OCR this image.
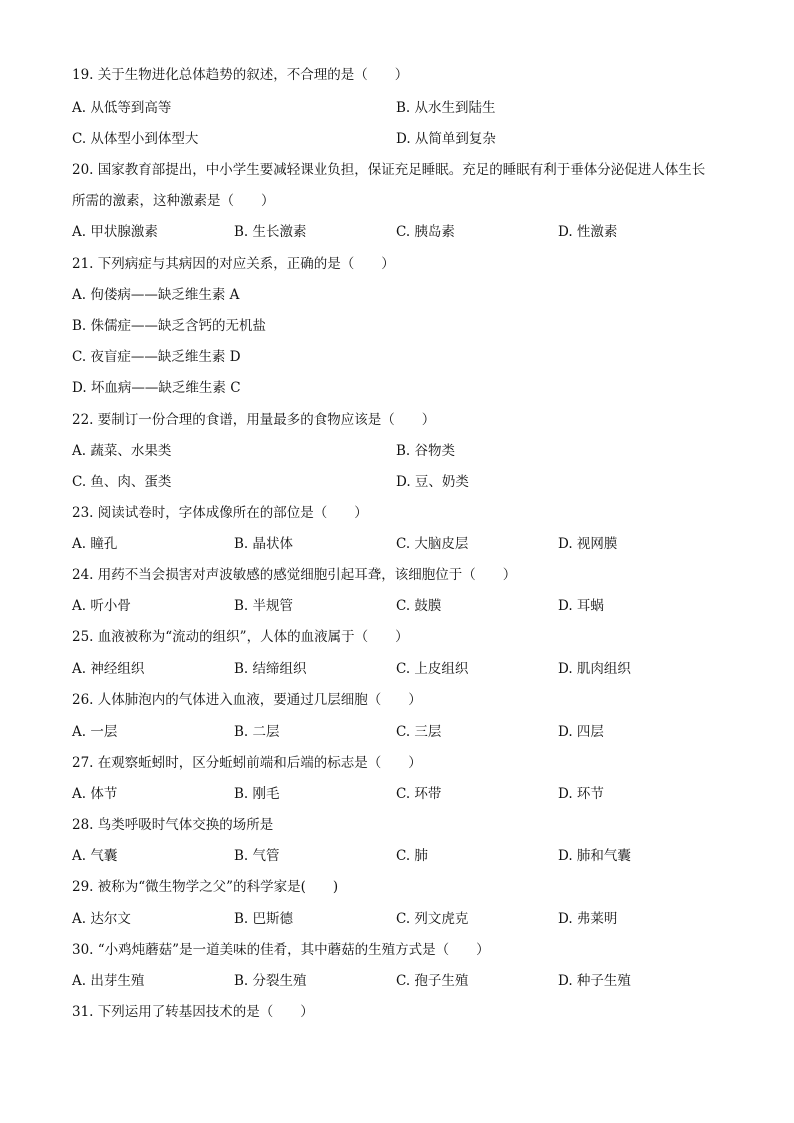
19. 关于生物进化总体趋势的叙述，不合理的是（　　）
A. 从低等到高等	B. 从水生到陆生
C. 从体型小到体型大	D. 从简单到复杂
20. 国家教育部提出，中小学生要减轻课业负担，保证充足睡眠。充足的睡眠有利于垂体分泌促进人体生长
所需的激素，这种激素是（　　）
A. 甲状腺激素	B. 生长激素	C. 胰岛素	D. 性激素
21. 下列病症与其病因的对应关系，正确的是（　　）
A. 佝偻病——缺乏维生素 A
B. 侏儒症——缺乏含钙的无机盐
C. 夜盲症——缺乏维生素 D
D. 坏血病——缺乏维生素 C
22. 要制订一份合理的食谱，用量最多的食物应该是（　　）
A. 蔬菜、水果类	B. 谷物类
C. 鱼、肉、蛋类	D. 豆、奶类
23. 阅读试卷时，字体成像所在的部位是（　　）
A. 瞳孔	B. 晶状体	C. 大脑皮层	D. 视网膜
24. 用药不当会损害对声波敏感的感觉细胞引起耳聋，该细胞位于（　　）
A. 听小骨	B. 半规管	C. 鼓膜	D. 耳蜗
25. 血液被称为“流动的组织”，人体的血液属于（　　）
A. 神经组织	B. 结缔组织	C. 上皮组织	D. 肌肉组织
26. 人体肺泡内的气体进入血液，要通过几层细胞（　　）
A. 一层	B. 二层	C. 三层	D. 四层
27. 在观察蚯蚓时，区分蚯蚓前端和后端的标志是（　　）
A. 体节	B. 刚毛	C. 环带	D. 环节
28. 鸟类呼吸时气体交换的场所是
A. 气囊	B. 气管	C. 肺	D. 肺和气囊
29. 被称为“微生物学之父”的科学家是(　　)
A. 达尔文	B. 巴斯德	C. 列文虎克	D. 弗莱明
30. “小鸡炖蘑菇”是一道美味的佳肴，其中蘑菇的生殖方式是（　　）
A. 出芽生殖	B. 分裂生殖	C. 孢子生殖	D. 种子生殖
31. 下列运用了转基因技术的是（　　）
